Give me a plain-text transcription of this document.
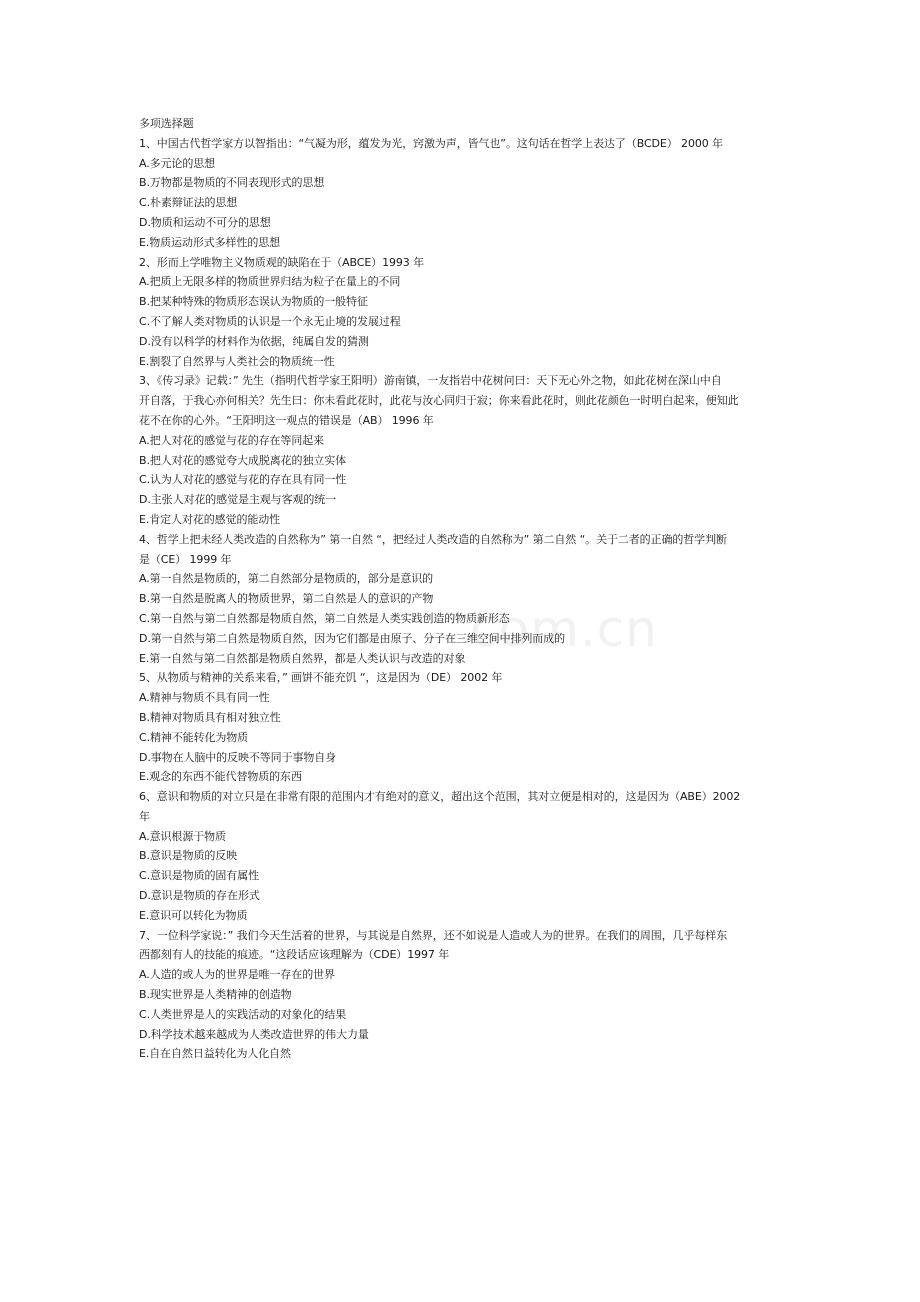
com.cn
多项选择题
1、中国古代哲学家方以智指出：“气凝为形，蕴发为光，窍激为声，皆气也”。这句话在哲学上表达了（BCDE） 2000 年
A.多元论的思想
B.万物都是物质的不同表现形式的思想
C.朴素辩证法的思想
D.物质和运动不可分的思想
E.物质运动形式多样性的思想
2、形而上学唯物主义物质观的缺陷在于（ABCE）1993 年
A.把质上无限多样的物质世界归结为粒子在量上的不同
B.把某种特殊的物质形态误认为物质的一般特征
C.不了解人类对物质的认识是一个永无止境的发展过程
D.没有以科学的材料作为依据，纯属自发的猜测
E.割裂了自然界与人类社会的物质统一性
3、《传习录》记载：” 先生（指明代哲学家王阳明）游南镇，一友指岩中花树问曰：天下无心外之物，如此花树在深山中自
开自落，于我心亦何相关？先生曰：你未看此花时，此花与汝心同归于寂；你来看此花时，则此花颜色一时明白起来，便知此
花不在你的心外。“王阳明这一观点的错误是（AB） 1996 年
A.把人对花的感觉与花的存在等同起来
B.把人对花的感觉夸大成脱离花的独立实体
C.认为人对花的感觉与花的存在具有同一性
D.主张人对花的感觉是主观与客观的统一
E.肯定人对花的感觉的能动性
4、哲学上把未经人类改造的自然称为” 第一自然 “，把经过人类改造的自然称为” 第二自然 “。关于二者的正确的哲学判断
是（CE） 1999 年
A.第一自然是物质的，第二自然部分是物质的，部分是意识的
B.第一自然是脱离人的物质世界，第二自然是人的意识的产物
C.第一自然与第二自然都是物质自然，第二自然是人类实践创造的物质新形态
D.第一自然与第二自然是物质自然，因为它们都是由原子、分子在三维空间中排列而成的
E.第一自然与第二自然都是物质自然界，都是人类认识与改造的对象
5、从物质与精神的关系来看，” 画饼不能充饥 “，这是因为（DE） 2002 年
A.精神与物质不具有同一性
B.精神对物质具有相对独立性
C.精神不能转化为物质
D.事物在人脑中的反映不等同于事物自身
E.观念的东西不能代替物质的东西
6、意识和物质的对立只是在非常有限的范围内才有绝对的意义，超出这个范围，其对立便是相对的，这是因为（ABE）2002
年
A.意识根源于物质
B.意识是物质的反映
C.意识是物质的固有属性
D.意识是物质的存在形式
E.意识可以转化为物质
7、一位科学家说：” 我们今天生活着的世界，与其说是自然界，还不如说是人造或人为的世界。在我们的周围，几乎每样东
西都刻有人的技能的痕迹。“这段话应该理解为（CDE）1997 年
A.人造的或人为的世界是唯一存在的世界
B.现实世界是人类精神的创造物
C.人类世界是人的实践活动的对象化的结果
D.科学技术越来越成为人类改造世界的伟大力量
E.自在自然日益转化为人化自然
